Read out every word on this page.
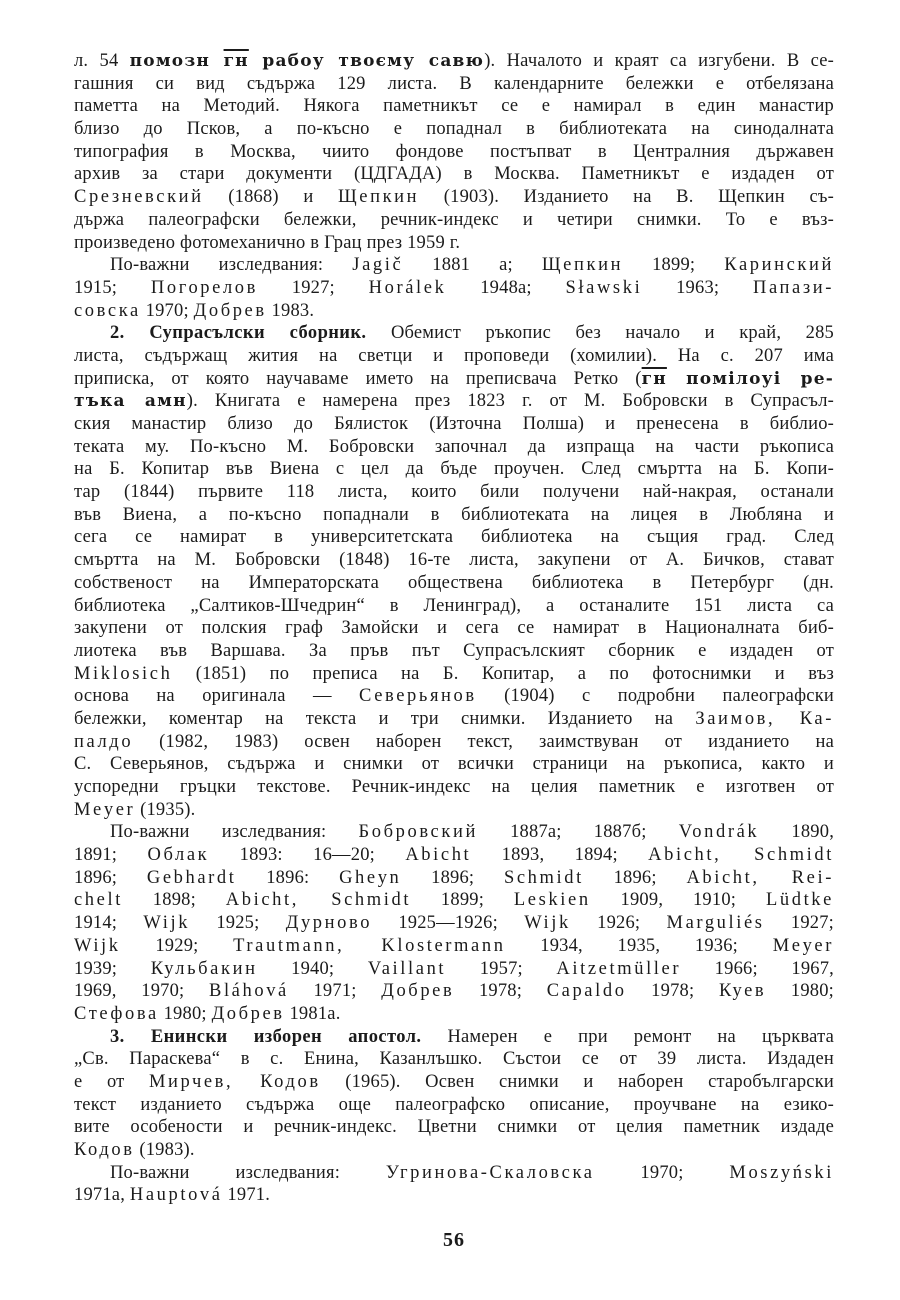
л. 54 помозн гн рабоу твоєму савю). Началото и краят са изгубени. В се-
гашния си вид съдържа 129 листа. В календарните бележки е отбелязана
паметта на Методий. Някога паметникът се е намирал в един манастир
близо до Псков, а по-късно е попаднал в библиотеката на синодалната
типография в Москва, чиито фондове постъпват в Централния държавен
архив за стари документи (ЦДГАДА) в Москва. Паметникът е издаден от
Срезневский (1868) и Щепкин (1903). Изданието на В. Щепкин съ-
държа палеографски бележки, речник-индекс и четири снимки. То е въз-
произведено фотомеханично в Грац през 1959 г.
По-важни изследвания: Jagič 1881 а; Щепкин 1899; Каринский
1915; Погорелов 1927; Horálek 1948а; Sławski 1963; Папази-
совска 1970; Добрев 1983.
2. Супрасълски сборник. Обемист ръкопис без начало и край, 285
листа, съдържащ жития на светци и проповеди (хомилии). На с. 207 има
приписка, от която научаваме името на преписвача Ретко (гн помілоуі ре-
тъка амн). Книгата е намерена през 1823 г. от М. Бобровски в Супрасъл-
ския манастир близо до Бялисток (Източна Полша) и пренесена в библио-
теката му. По-късно М. Бобровски започнал да изпраща на части ръкописа
на Б. Копитар във Виена с цел да бъде проучен. След смъртта на Б. Копи-
тар (1844) първите 118 листа, които били получени най-накрая, останали
във Виена, а по-късно попаднали в библиотеката на лицея в Любляна и
сега се намират в университетската библиотека на същия град. След
смъртта на М. Бобровски (1848) 16-те листа, закупени от А. Бичков, стават
собственост на Императорската обществена библиотека в Петербург (дн.
библиотека „Салтиков-Шчедрин“ в Ленинград), а останалите 151 листа са
закупени от полския граф Замойски и сега се намират в Националната биб-
лиотека във Варшава. За пръв път Супрасълският сборник е издаден от
Miklosich (1851) по преписа на Б. Копитар, а по фотоснимки и въз
основа на оригинала — Северьянов (1904) с подробни палеографски
бележки, коментар на текста и три снимки. Изданието на Заимов, Ка-
палдо (1982, 1983) освен наборен текст, заимствуван от изданието на
С. Северьянов, съдържа и снимки от всички страници на ръкописа, както и
успоредни гръцки текстове. Речник-индекс на целия паметник е изготвен от
Meyer (1935).
По-важни изследвания: Бобровский 1887а; 1887б; Vondrák 1890,
1891; Облак 1893: 16—20; Abicht 1893, 1894; Abicht, Schmidt
1896; Gebhardt 1896: Gheyn 1896; Schmidt 1896; Abicht, Rei-
chelt 1898; Abicht, Schmidt 1899; Leskien 1909, 1910; Lüdtke
1914; Wijk 1925; Дурново 1925—1926; Wijk 1926; Marguliés 1927;
Wijk 1929; Trautmann, Klostermann 1934, 1935, 1936; Meyer
1939; Кульбакин 1940; Vaillant 1957; Aitzetmüller 1966; 1967,
1969, 1970; Bláhová 1971; Добрев 1978; Capaldo 1978; Куев 1980;
Стефова 1980; Добрев 1981а.
3. Енински изборен апостол. Намерен е при ремонт на църквата
„Св. Параскева“ в с. Енина, Казанлъшко. Състои се от 39 листа. Издаден
е от Мирчев, Кодов (1965). Освен снимки и наборен старобългарски
текст изданието съдържа още палеографско описание, проучване на езико-
вите особености и речник-индекс. Цветни снимки от целия паметник издаде
Кодов (1983).
По-важни изследвания: Угринова-Скаловска 1970; Moszyński
1971а, Hauptová 1971.
56
